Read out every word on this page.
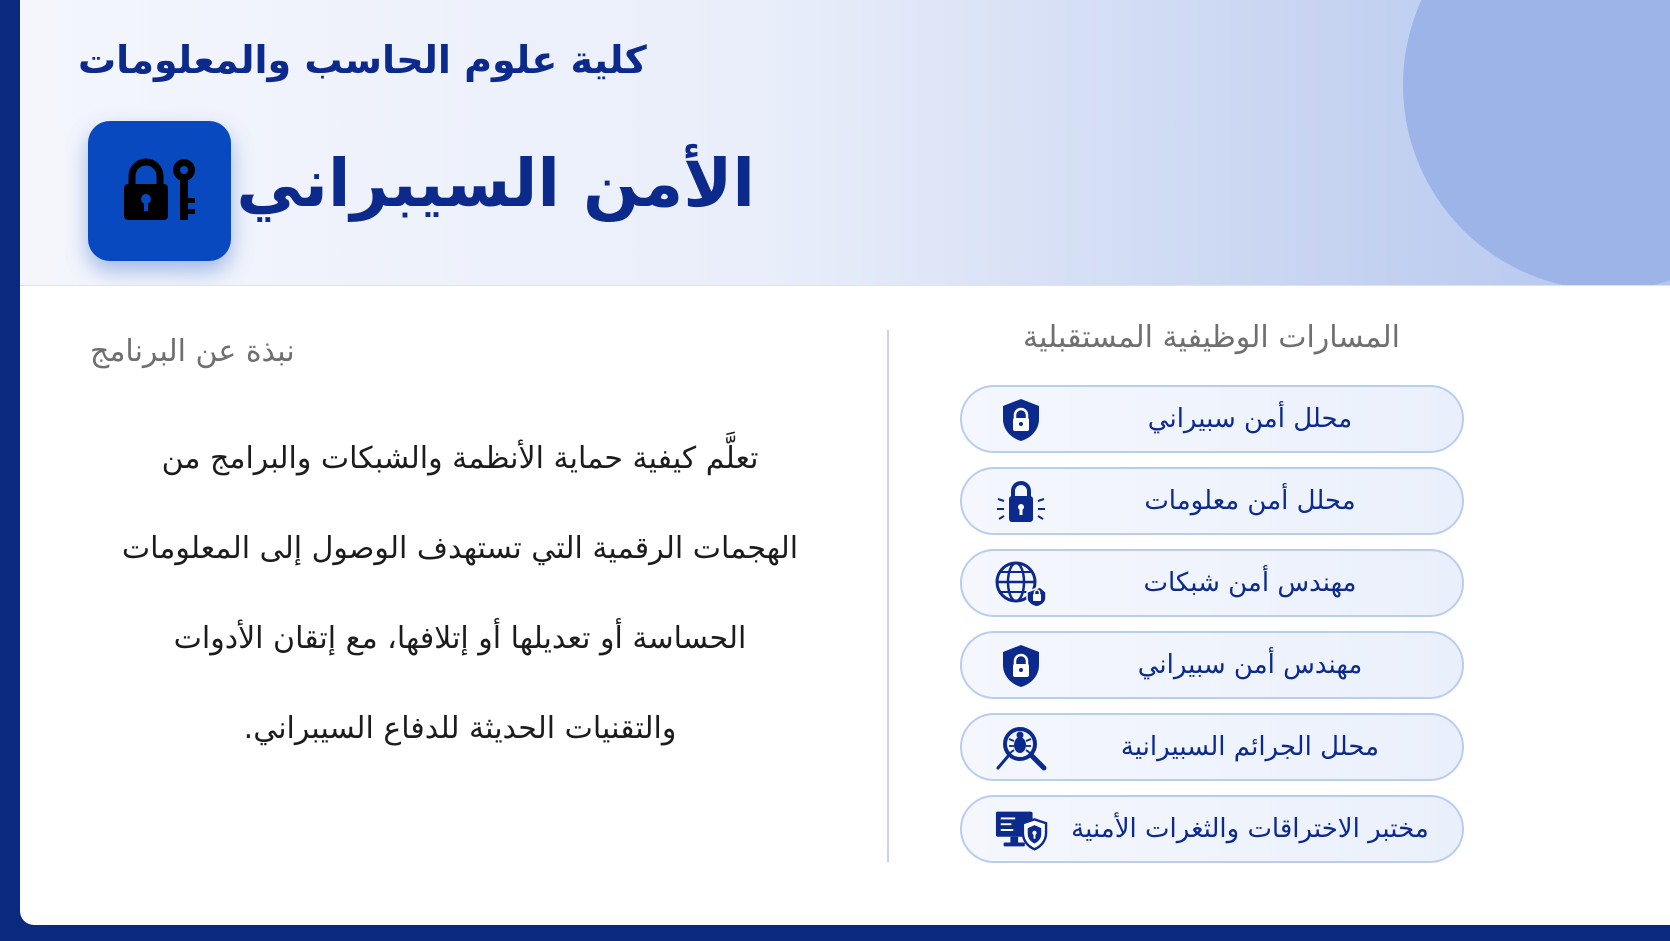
كلية علوم الحاسب والمعلومات
الأمن السيبراني
نبذة عن البرنامج
تعلَّم كيفية حماية الأنظمة والشبكات والبرامج من
الهجمات الرقمية التي تستهدف الوصول إلى المعلومات
الحساسة أو تعديلها أو إتلافها، مع إتقان الأدوات
والتقنيات الحديثة للدفاع السيبراني.
المسارات الوظيفية المستقبلية
محلل أمن سبيراني
محلل أمن معلومات
مهندس أمن شبكات
مهندس أمن سبيراني
محلل الجرائم السبيرانية
مختبر الاختراقات والثغرات الأمنية
